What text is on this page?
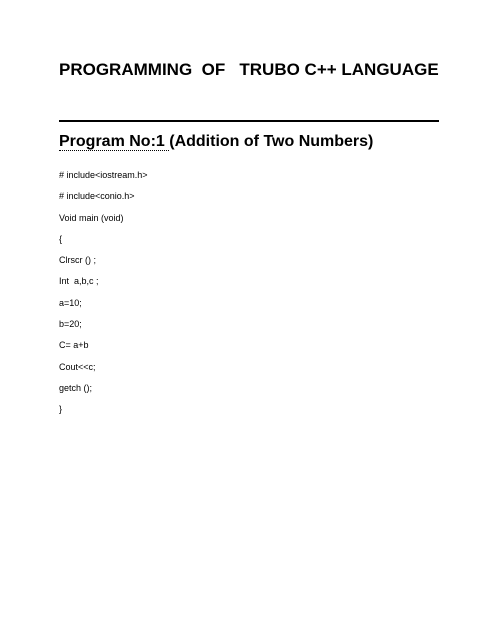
PROGRAMMING  OF   TRUBO C++ LANGUAGE
Program No:1 (Addition of Two Numbers)
# include<iostream.h>
# include<conio.h>
Void main (void)
{
Clrscr () ;
Int  a,b,c ;
a=10;
b=20;
C= a+b
Cout<<c;
getch ();
}
